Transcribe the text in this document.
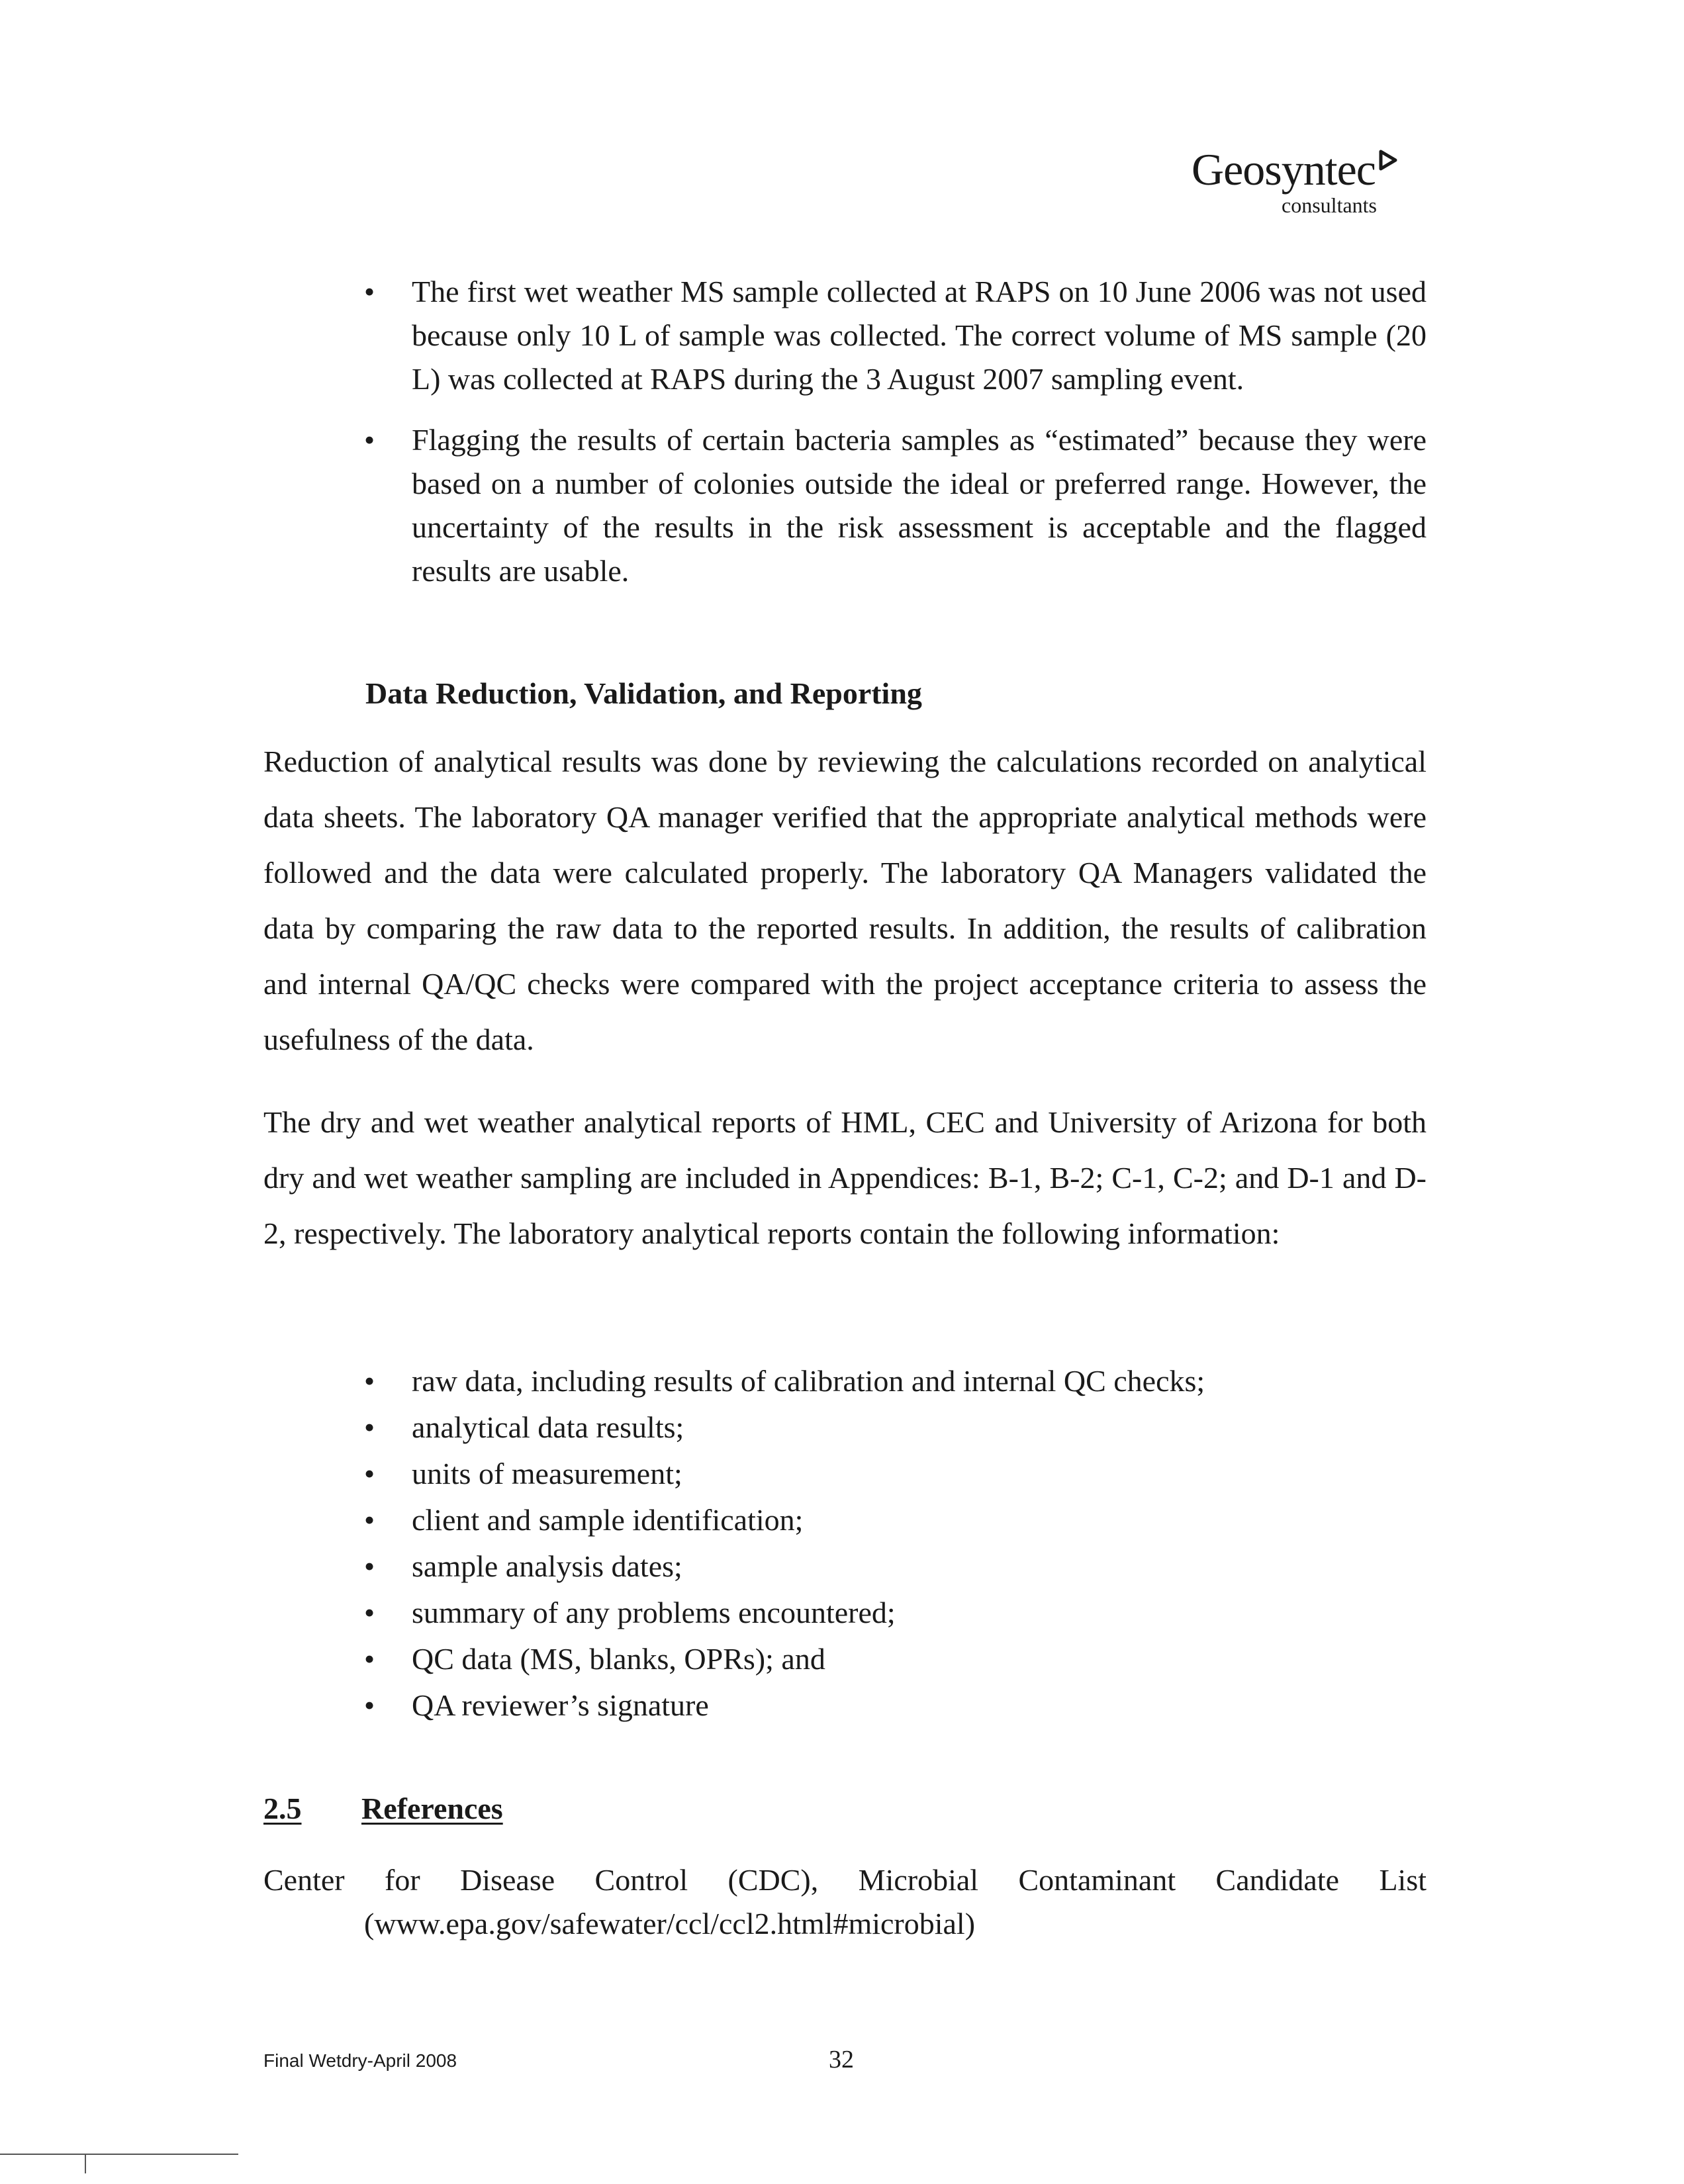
Geosyntec
consultants
• The first wet weather MS sample collected at RAPS on 10 June 2006 was not used because only 10 L of sample was collected. The correct volume of MS sample (20 L) was collected at RAPS during the 3 August 2007 sampling event.
• Flagging the results of certain bacteria samples as “estimated” because they were based on a number of colonies outside the ideal or preferred range. However, the uncertainty of the results in the risk assessment is acceptable and the flagged results are usable.
Data Reduction, Validation, and Reporting

Reduction of analytical results was done by reviewing the calculations recorded on analytical data sheets. The laboratory QA manager verified that the appropriate analytical methods were followed and the data were calculated properly. The laboratory QA Managers validated the data by comparing the raw data to the reported results. In addition, the results of calibration and internal QA/QC checks were compared with the project acceptance criteria to assess the usefulness of the data.

The dry and wet weather analytical reports of HML, CEC and University of Arizona for both dry and wet weather sampling are included in Appendices: B-1, B-2; C-1, C-2; and D-1 and D-2, respectively. The laboratory analytical reports contain the following information:

• raw data, including results of calibration and internal QC checks;
• analytical data results;
• units of measurement;
• client and sample identification;
• sample analysis dates;
• summary of any problems encountered;
• QC data (MS, blanks, OPRs); and
• QA reviewer’s signature
2.5 References
Center for Disease Control (CDC), Microbial Contaminant Candidate List
(www.epa.gov/safewater/ccl/ccl2.html#microbial)
Final Wetdry-April 2008	32
